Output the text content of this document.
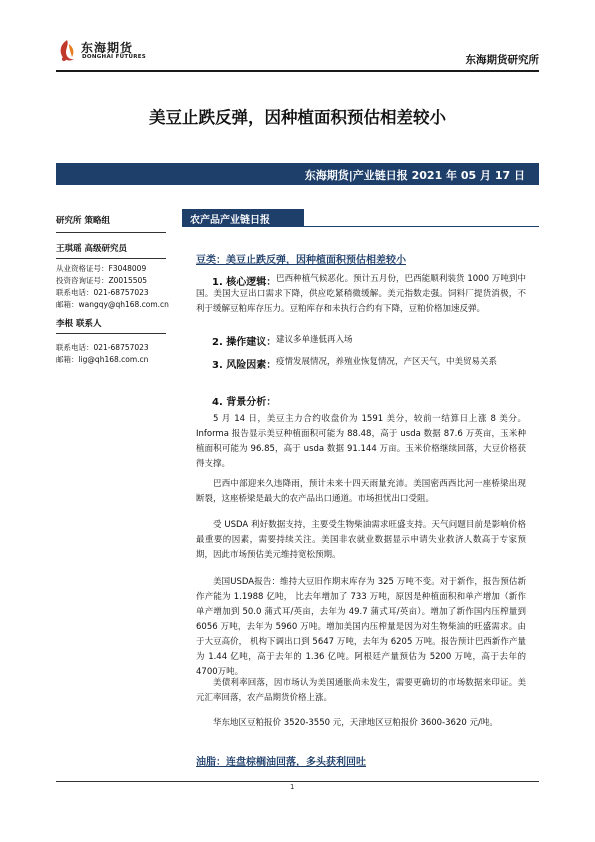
东海期货
DONGHAI FUTURES	东海期货研究所
美豆止跌反弹，因种植面积预估相差较小
东海期货|产业链日报 2021 年 05 月 17 日
研究所 策略组
王琪瑶 高级研究员
从业资格证号：F3048009
投资咨询证号：Z0015505
联系电话：021-68757023
邮箱：wangqy@qh168.com.cn
李根 联系人
联系电话：021-68757023
邮箱：lig@qh168.com.cn
农产品产业链日报
豆类：美豆止跌反弹，因种植面积预估相差较小
1. 核心逻辑： 巴西种植气候恶化。预计五月份，巴西能顺利装货 1000 万吨到中国。美国大豆出口需求下降，供应吃紧稍微缓解。美元指数走强。饲料厂提货消极，不利于缓解豆粕库存压力。豆粕库存和未执行合约有下降，豆粕价格加速反弹。
2. 操作建议： 建议多单逢低再入场
3. 风险因素： 疫情发展情况，养殖业恢复情况，产区天气，中美贸易关系
4. 背景分析：
5 月 14 日，美豆主力合约收盘价为 1591 美分，较前一结算日上涨 8 美分。Informa 报告显示美豆种植面积可能为 88.48，高于 usda 数据 87.6 万英亩，玉米种植面积可能为 96.85，高于 usda 数据 91.144 万亩。玉米价格继续回落，大豆价格获得支撑。
巴西中部迎来久违降雨，预计未来十四天雨量充沛。美国密西西比河一座桥梁出现断裂，这座桥梁是最大的农产品出口通道。市场担忧出口受阻。
受 USDA 利好数据支持，主要受生物柴油需求旺盛支持。天气问题目前是影响价格最重要的因素，需要持续关注。美国非农就业数据显示申请失业救济人数高于专家预期，因此市场预估美元维持宽松预期。
美国USDA报告：维持大豆旧作期末库存为 325 万吨不变。对于新作，报告预估新作产能为 1.1988 亿吨， 比去年增加了 733 万吨，原因是种植面积和单产增加（新作单产增加到 50.0 蒲式耳/英亩，去年为 49.7 蒲式耳/英亩）。增加了新作国内压榨量到 6056 万吨，去年为 5960 万吨。增加美国内压榨量是因为对生物柴油的旺盛需求。由于大豆高价， 机构下调出口到 5647 万吨，去年为 6205 万吨。报告预计巴西新作产量为 1.44 亿吨，高于去年的 1.36 亿吨。阿根廷产量预估为 5200 万吨，高于去年的 4700万吨。
美债利率回落，因市场认为美国通胀尚未发生，需要更确切的市场数据来印证。美元汇率回落，农产品期货价格上涨。
华东地区豆粕报价 3520-3550 元，天津地区豆粕报价 3600-3620 元/吨。
油脂：连盘棕榈油回落，多头获利回吐
1
